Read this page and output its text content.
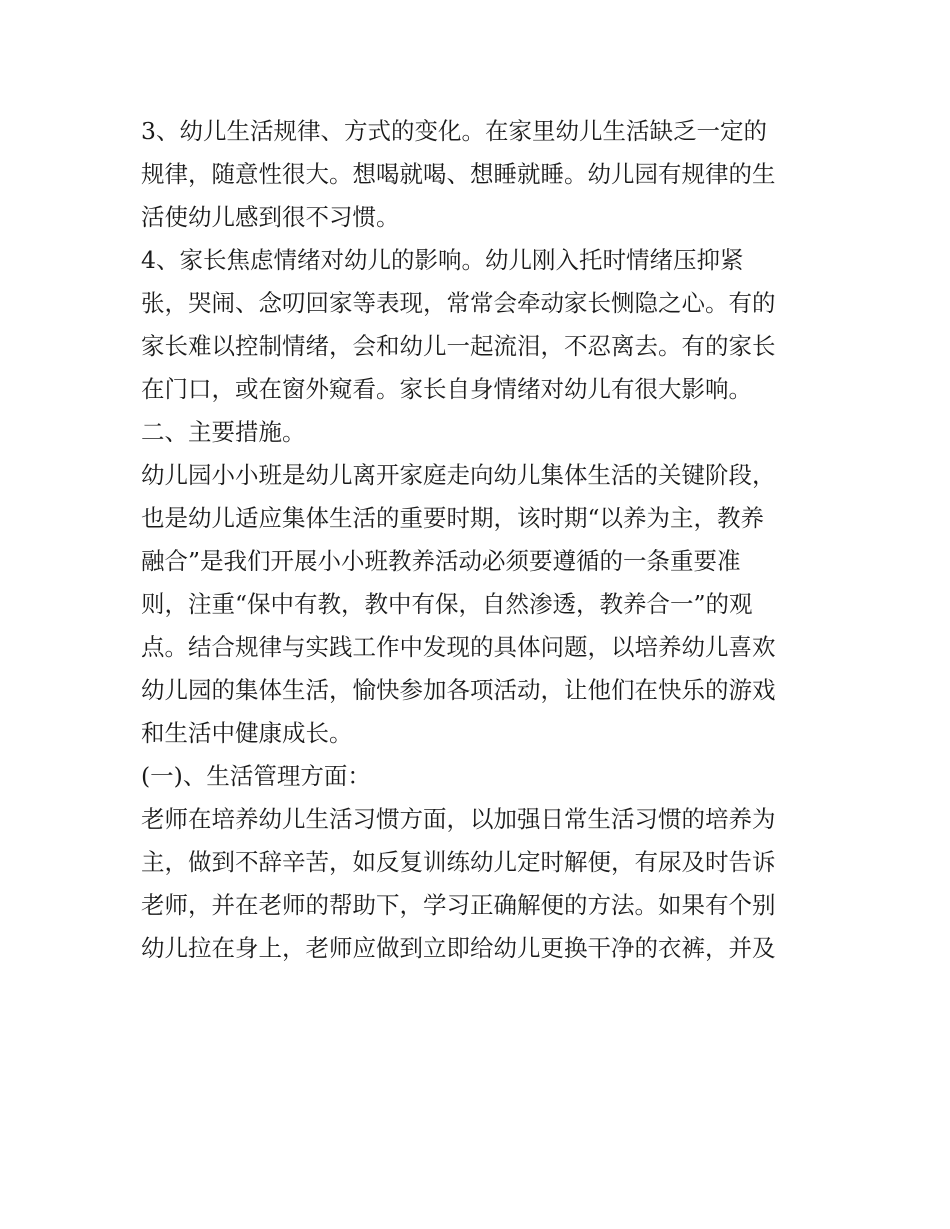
3、幼儿生活规律、方式的变化。在家里幼儿生活缺乏一定的
规律，随意性很大。想喝就喝、想睡就睡。幼儿园有规律的生
活使幼儿感到很不习惯。
4、家长焦虑情绪对幼儿的影响。幼儿刚入托时情绪压抑紧
张，哭闹、念叨回家等表现，常常会牵动家长恻隐之心。有的
家长难以控制情绪，会和幼儿一起流泪，不忍离去。有的家长
在门口，或在窗外窥看。家长自身情绪对幼儿有很大影响。
二、主要措施。
幼儿园小小班是幼儿离开家庭走向幼儿集体生活的关键阶段，
也是幼儿适应集体生活的重要时期，该时期“以养为主，教养
融合”是我们开展小小班教养活动必须要遵循的一条重要准
则，注重“保中有教，教中有保，自然渗透，教养合一”的观
点。结合规律与实践工作中发现的具体问题，以培养幼儿喜欢
幼儿园的集体生活，愉快参加各项活动，让他们在快乐的游戏
和生活中健康成长。
(一)、生活管理方面：
老师在培养幼儿生活习惯方面，以加强日常生活习惯的培养为
主，做到不辞辛苦，如反复训练幼儿定时解便，有尿及时告诉
老师，并在老师的帮助下，学习正确解便的方法。如果有个别
幼儿拉在身上，老师应做到立即给幼儿更换干净的衣裤，并及
